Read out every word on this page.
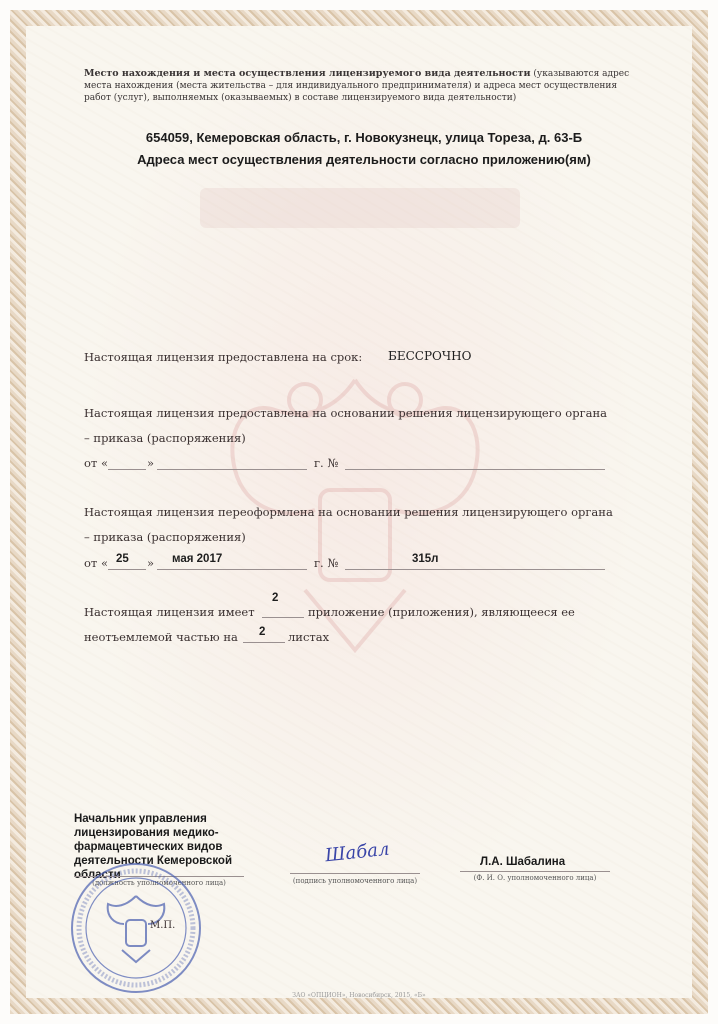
Место нахождения и места осуществления лицензируемого вида деятельности (указываются адрес места нахождения (места жительства – для индивидуального предпринимателя) и адреса мест осуществления работ (услуг), выполняемых (оказываемых) в составе лицензируемого вида деятельности)
654059, Кемеровская область, г. Новокузнецк, улица Тореза, д. 63-Б
Адреса мест осуществления деятельности согласно приложению(ям)
Настоящая лицензия предоставлена на срок: БЕССРОЧНО
Настоящая лицензия предоставлена на основании решения лицензирующего органа
– приказа (распоряжения)
от «	»	г. №
Настоящая лицензия переоформлена на основании решения лицензирующего органа
– приказа (распоряжения)
от « 25 » мая 2017	г. №	315л
Настоящая лицензия имеет
2
приложение (приложения), являющееся ее
неотъемлемой частью на 2 листах
Начальник управления лицензирования медико-фармацевтических видов деятельности Кемеровской области
(должность уполномоченного лица)
Шабал
(подпись уполномоченного лица)
Л.А. Шабалина
(Ф. И. О. уполномоченного лица)
М.П.
ЗАО «ОПЦИОН», Новосибирск, 2015, «Б»
